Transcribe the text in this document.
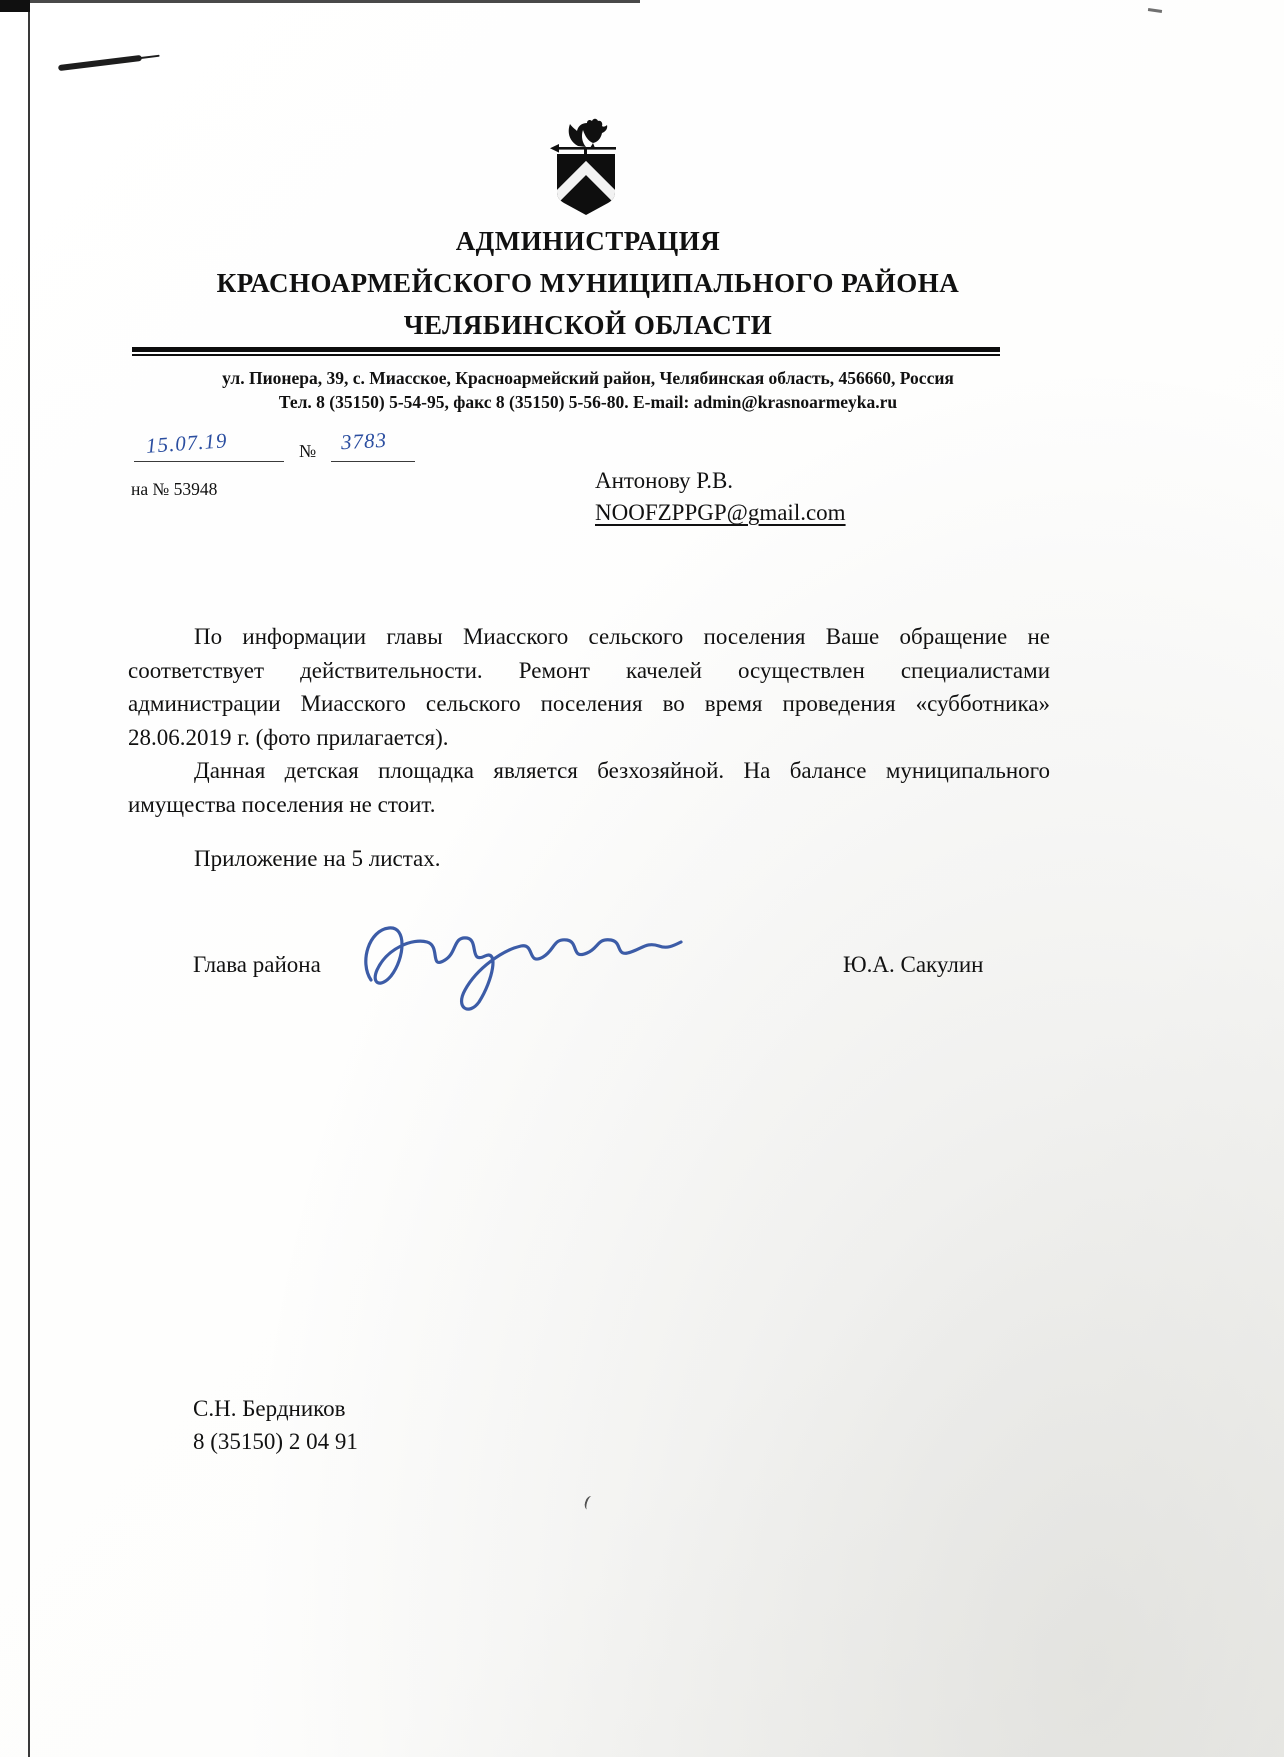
АДМИНИСТРАЦИЯ
КРАСНОАРМЕЙСКОГО МУНИЦИПАЛЬНОГО РАЙОНА
ЧЕЛЯБИНСКОЙ ОБЛАСТИ
ул. Пионера, 39, с. Миасское, Красноармейский район, Челябинская область, 456660, Россия
Тел. 8 (35150) 5-54-95, факс 8 (35150) 5-56-80. E-mail: admin@krasnoarmeyka.ru
15.07.19	№ 3783
на № 53948	Антонову Р.В.
NOOFZPPGP@gmail.com

По информации главы Миасского сельского поселения Ваше обращение не соответствует действительности. Ремонт качелей осуществлен специалистами администрации Миасского сельского поселения во время проведения «субботника» 28.06.2019 г. (фото прилагается).

Данная детская площадка является безхозяйной. На балансе муниципального имущества поселения не стоит.

Приложение на 5 листах.

Глава района	Ю.А. Сакулин
С.Н. Бердников
8 (35150) 2 04 91
